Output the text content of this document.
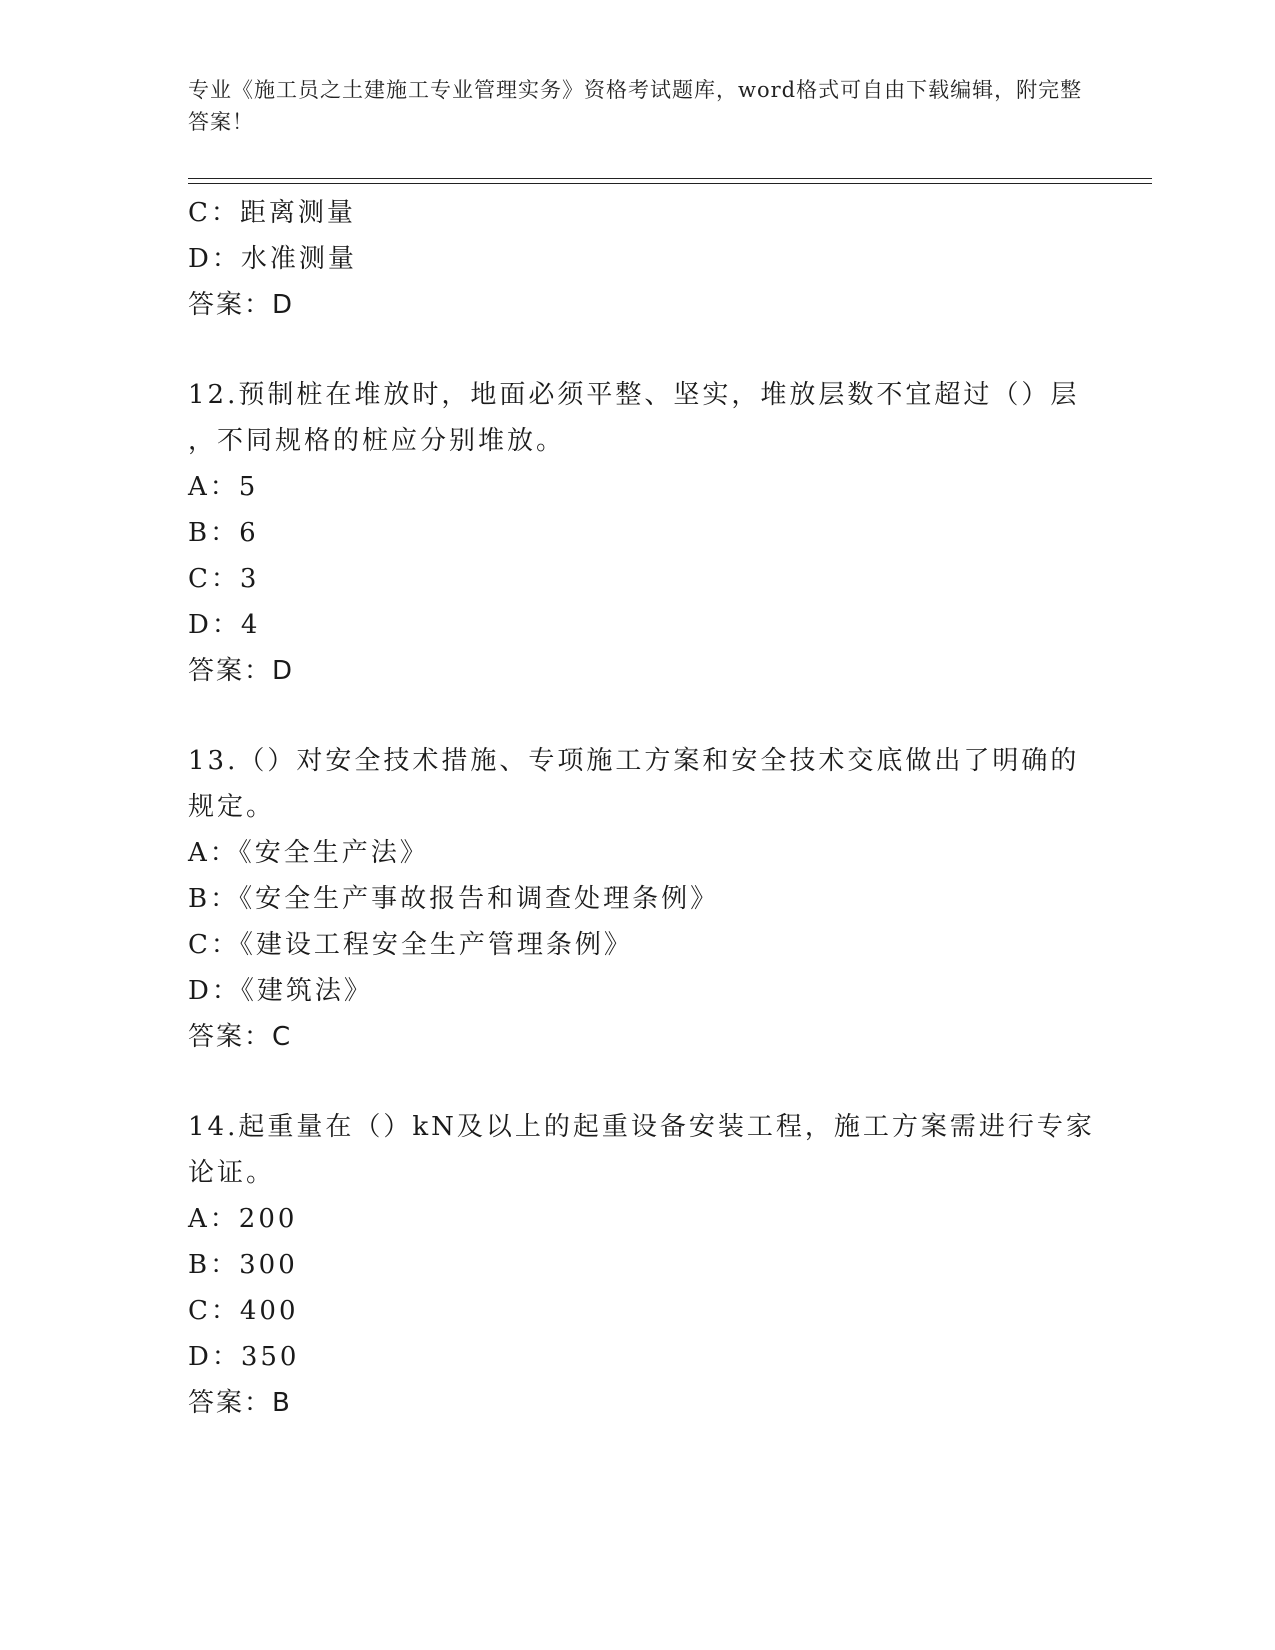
专业《施工员之土建施工专业管理实务》资格考试题库，word格式可自由下载编辑，附完整答案！
C：距离测量
D：水准测量
答案：D
12.预制桩在堆放时，地面必须平整、坚实，堆放层数不宜超过（）层
，不同规格的桩应分别堆放。
A：5
B：6
C：3
D：4
答案：D
13.（）对安全技术措施、专项施工方案和安全技术交底做出了明确的
规定。
A：《安全生产法》
B：《安全生产事故报告和调查处理条例》
C：《建设工程安全生产管理条例》
D：《建筑法》
答案：C
14.起重量在（）kN及以上的起重设备安装工程，施工方案需进行专家
论证。
A：200
B：300
C：400
D：350
答案：B
